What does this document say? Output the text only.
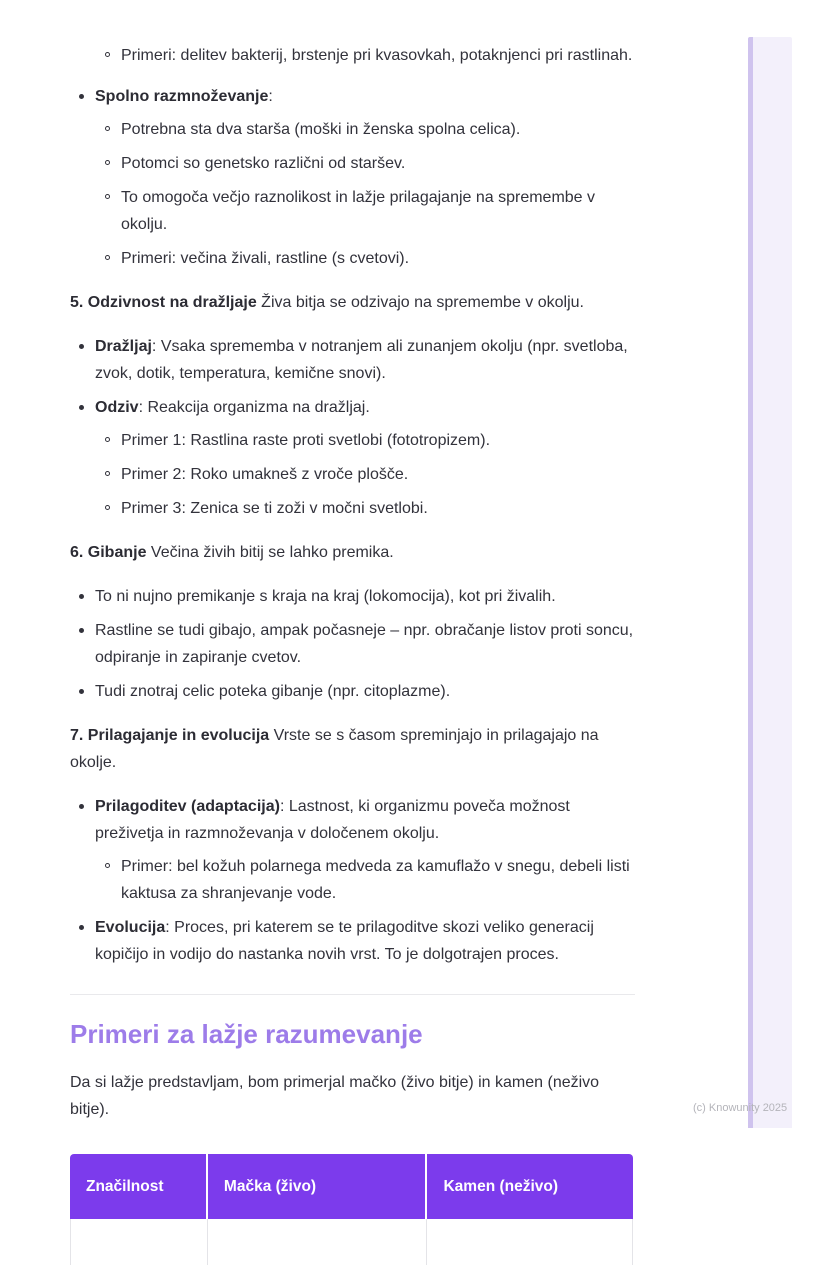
Primeri: delitev bakterij, brstenje pri kvasovkah, potaknjenci pri rastlinah.
Spolno razmnoževanje:
Potrebna sta dva starša (moški in ženska spolna celica).
Potomci so genetsko različni od staršev.
To omogoča večjo raznolikost in lažje prilagajanje na spremembe v okolju.
Primeri: večina živali, rastline (s cvetovi).

5. Odzivnost na dražljaje Živa bitja se odzivajo na spremembe v okolju.

Dražljaj: Vsaka sprememba v notranjem ali zunanjem okolju (npr. svetloba, zvok, dotik, temperatura, kemične snovi).
Odziv: Reakcija organizma na dražljaj.
Primer 1: Rastlina raste proti svetlobi (fototropizem).
Primer 2: Roko umakneš z vroče plošče.
Primer 3: Zenica se ti zoži v močni svetlobi.

6. Gibanje Večina živih bitij se lahko premika.

To ni nujno premikanje s kraja na kraj (lokomocija), kot pri živalih.
Rastline se tudi gibajo, ampak počasneje – npr. obračanje listov proti soncu, odpiranje in zapiranje cvetov.
Tudi znotraj celic poteka gibanje (npr. citoplazme).

7. Prilagajanje in evolucija Vrste se s časom spreminjajo in prilagajajo na okolje.

Prilagoditev (adaptacija): Lastnost, ki organizmu poveča možnost preživetja in razmnoževanja v določenem okolju.
Primer: bel kožuh polarnega medveda za kamuflažo v snegu, debeli listi kaktusa za shranjevanje vode.
Evolucija: Proces, pri katerem se te prilagoditve skozi veliko generacij kopičijo in vodijo do nastanka novih vrst. To je dolgotrajen proces.
Primeri za lažje razumevanje

Da si lažje predstavljam, bom primerjal mačko (živo bitje) in kamen (neživo bitje).

Značilnost	Mačka (živo)	Kamen (neživo)

(c) Knowunity 2025
